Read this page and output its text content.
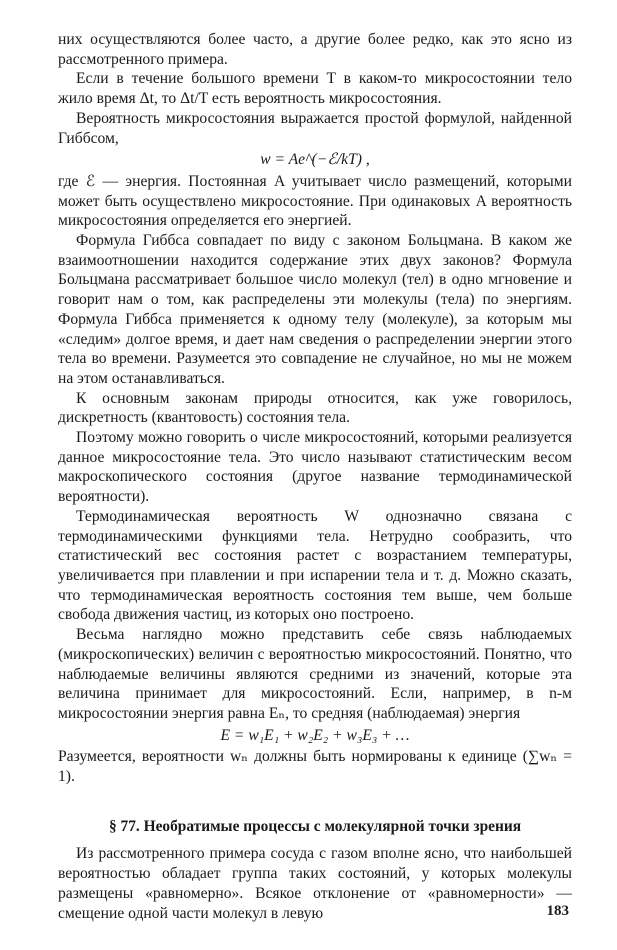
них осуществляются более часто, а другие более редко, как это ясно из рассмотренного примера.

Если в течение большого времени T в каком-то микросостоянии тело жило время Δt, то Δt/T есть вероятность микросостояния.

Вероятность микросостояния выражается простой формулой, найденной Гиббсом,

w = Ae^(−ℰ/kT) ,

где ℰ — энергия. Постоянная A учитывает число размещений, которыми может быть осуществлено микросостояние. При одинаковых A вероятность микросостояния определяется его энергией.

Формула Гиббса совпадает по виду с законом Больцмана. В каком же взаимоотношении находится содержание этих двух законов? Формула Больцмана рассматривает большое число молекул (тел) в одно мгновение и говорит нам о том, как распределены эти молекулы (тела) по энергиям. Формула Гиббса применяется к одному телу (молекуле), за которым мы «следим» долгое время, и дает нам сведения о распределении энергии этого тела во времени. Разумеется это совпадение не случайное, но мы не можем на этом останавливаться.

К основным законам природы относится, как уже говорилось, дискретность (квантовость) состояния тела.

Поэтому можно говорить о числе микросостояний, которыми реализуется данное микросостояние тела. Это число называют статистическим весом макроскопического состояния (другое название термодинамической вероятности).

Термодинамическая вероятность W однозначно связана с термодинамическими функциями тела. Нетрудно сообразить, что статистический вес состояния растет с возрастанием температуры, увеличивается при плавлении и при испарении тела и т. д. Можно сказать, что термодинамическая вероятность состояния тем выше, чем больше свобода движения частиц, из которых оно построено.

Весьма наглядно можно представить себе связь наблюдаемых (микроскопических) величин с вероятностью микросостояний. Понятно, что наблюдаемые величины являются средними из значений, которые эта величина принимает для микросостояний. Если, например, в n-м микросостоянии энергия равна Eₙ, то средняя (наблюдаемая) энергия

E = w₁E₁ + w₂E₂ + w₃E₃ + …

Разумеется, вероятности wₙ должны быть нормированы к единице (∑wₙ = 1).

§ 77. Необратимые процессы с молекулярной точки зрения

Из рассмотренного примера сосуда с газом вполне ясно, что наибольшей вероятностью обладает группа таких состояний, у которых молекулы размещены «равномерно». Всякое отклонение от «равномерности» — смещение одной части молекул в левую	183
